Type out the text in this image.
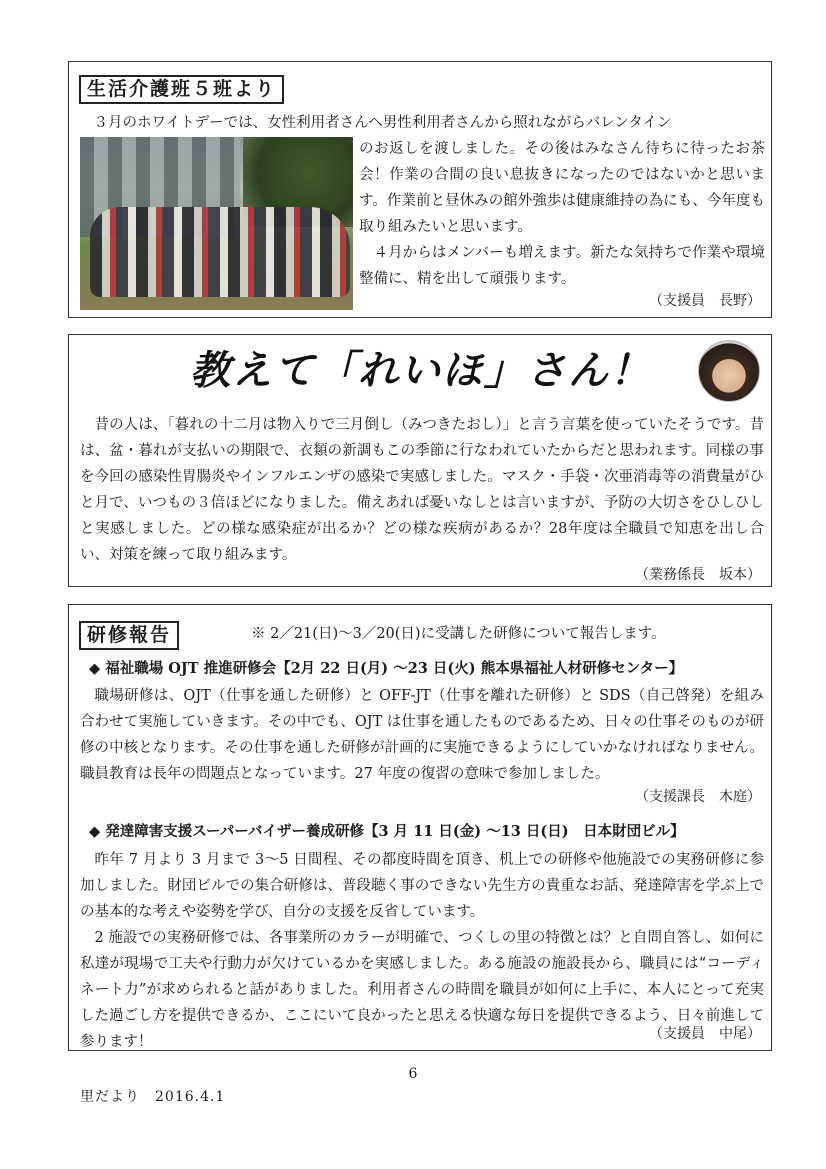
生活介護班５班より

３月のホワイトデーでは、女性利用者さんへ男性利用者さんから照れながらバレンタイン

のお返しを渡しました。その後はみなさん待ちに待ったお茶会！作業の合間の良い息抜きになったのではないかと思います。作業前と昼休みの館外強歩は健康維持の為にも、今年度も取り組みたいと思います。

４月からはメンバーも増えます。新たな気持ちで作業や環境整備に、精を出して頑張ります。

（支援員　長野）
教えて「れいほ」さん！

昔の人は、「暮れの十二月は物入りで三月倒し（みつきたおし）」と言う言葉を使っていたそうです。昔は、盆・暮れが支払いの期限で、衣類の新調もこの季節に行なわれていたからだと思われます。同様の事を今回の感染性胃腸炎やインフルエンザの感染で実感しました。マスク・手袋・次亜消毒等の消費量がひと月で、いつもの３倍ほどになりました。備えあれば憂いなしとは言いますが、予防の大切さをひしひしと実感しました。どの様な感染症が出るか？どの様な疾病があるか？28年度は全職員で知恵を出し合い、対策を練って取り組みます。

（業務係長　坂本）
研修報告	※ 2／21(日)～3／20(日)に受講した研修について報告します。
◆ 福祉職場 OJT 推進研修会【2月 22 日(月) ～23 日(火) 熊本県福祉人材研修センター】

職場研修は、OJT（仕事を通した研修）と OFF-JT（仕事を離れた研修）と SDS（自己啓発）を組み合わせて実施していきます。その中でも、OJT は仕事を通したものであるため、日々の仕事そのものが研修の中核となります。その仕事を通した研修が計画的に実施できるようにしていかなければなりません。職員教育は長年の問題点となっています。27 年度の復習の意味で参加しました。

（支援課長　木庭）
◆ 発達障害支援スーパーバイザー養成研修【3 月 11 日(金) ～13 日(日)　日本財団ビル】

昨年 7 月より 3 月まで 3～5 日間程、その都度時間を頂き、机上での研修や他施設での実務研修に参加しました。財団ビルでの集合研修は、普段聴く事のできない先生方の貴重なお話、発達障害を学ぶ上での基本的な考えや姿勢を学び、自分の支援を反省しています。

2 施設での実務研修では、各事業所のカラーが明確で、つくしの里の特徴とは？と自問自答し、如何に私達が現場で工夫や行動力が欠けているかを実感しました。ある施設の施設長から、職員には“コーディネート力”が求められると話がありました。利用者さんの時間を職員が如何に上手に、本人にとって充実した過ごし方を提供できるか、ここにいて良かったと思える快適な毎日を提供できるよう、日々前進して参ります！	（支援員　中尾）
6
里だより　2016.4.1
